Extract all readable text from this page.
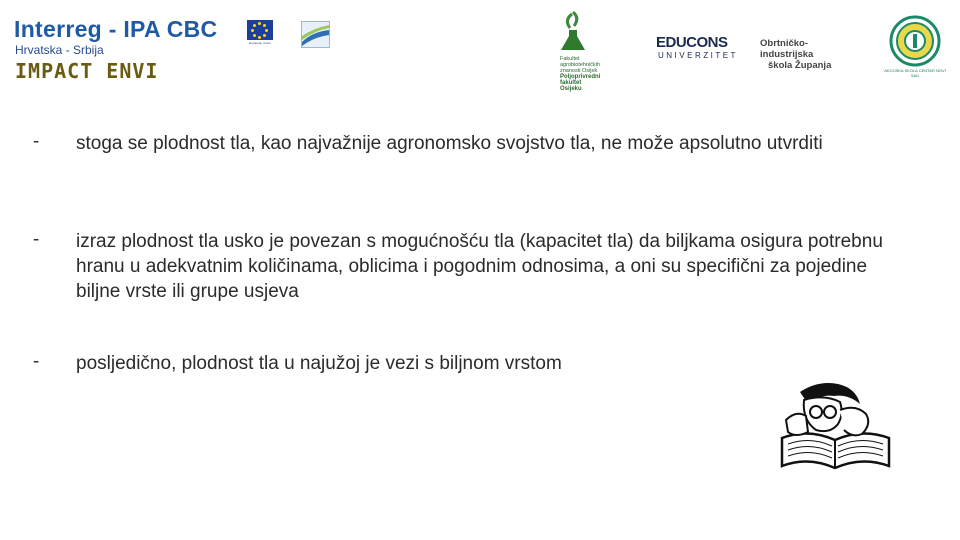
Interreg - IPA CBC
Hrvatska - Srbija
IMPACT ENVI
European Union
Fakultet agrobiotehničkih
znanosti Osijek
Poljoprivredni fakultet
Osijeku
EDUCONS
UNIVERZITET
Obrtničko-industrijska
škola Županja	AKCIJSKA SKOLA CENTAR NOVI SAD
- stoga se plodnost tla, kao najvažnije agronomsko svojstvo tla, ne može apsolutno utvrditi
- izraz plodnost tla usko je povezan s mogućnošću tla (kapacitet tla) da biljkama osigura potrebnu hranu u adekvatnim količinama, oblicima i pogodnim odnosima, a oni su specifični za pojedine biljne vrste ili grupe usjeva
- posljedično, plodnost tla u najužoj je vezi s biljnom vrstom
